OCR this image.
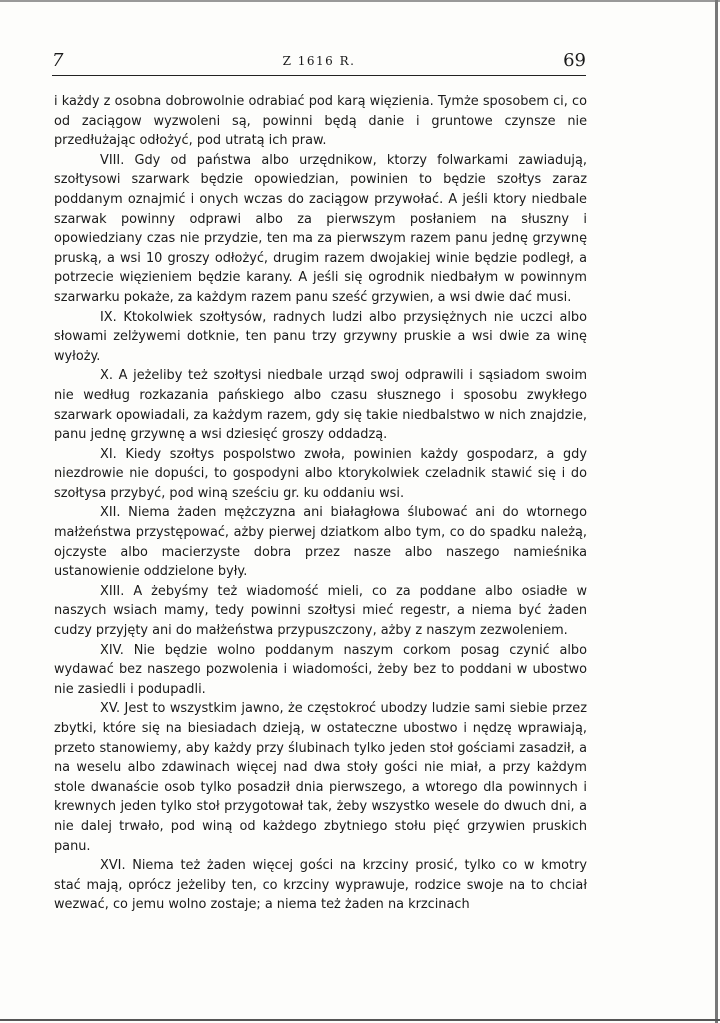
7	Z 1616 R.	69

i każdy z osobna dobrowolnie odrabiać pod karą więzienia. Tymże sposobem ci, co od zaciągow wyzwoleni są, powinni będą danie i gruntowe czynsze nie przedłużając odłożyć, pod utratą ich praw.

VIII. Gdy od państwa albo urzędnikow, ktorzy folwarkami zawiadują, szołtysowi szarwark będzie opowiedzian, powinien to będzie szołtys zaraz poddanym oznajmić i onych wczas do zaciągow przywołać. A jeśli ktory niedbale szarwak powinny odprawi albo za pierwszym posłaniem na słuszny i opowiedziany czas nie przydzie, ten ma za pierwszym razem panu jednę grzywnę pruską, a wsi 10 groszy odłożyć, drugim razem dwojakiej winie będzie podległ, a potrzecie więzieniem będzie karany. A jeśli się ogrodnik niedbałym w powinnym szarwarku pokaże, za każdym razem panu sześć grzywien, a wsi dwie dać musi.

IX. Ktokolwiek szołtysów, radnych ludzi albo przysiężnych nie uczci albo słowami zelżywemi dotknie, ten panu trzy grzywny pruskie a wsi dwie za winę wyłoży.

X. A jeżeliby też szołtysi niedbale urząd swoj odprawili i sąsiadom swoim nie według rozkazania pańskiego albo czasu słusznego i sposobu zwykłego szarwark opowiadali, za każdym razem, gdy się takie niedbalstwo w nich znajdzie, panu jednę grzywnę a wsi dziesięć groszy oddadzą.

XI. Kiedy szołtys pospolstwo zwoła, powinien każdy gospodarz, a gdy niezdrowie nie dopuści, to gospodyni albo ktorykolwiek czeladnik stawić się i do szołtysa przybyć, pod winą sześciu gr. ku oddaniu wsi.

XII. Niema żaden mężczyzna ani białagłowa ślubować ani do wtornego małżeństwa przystępować, ażby pierwej dziatkom albo tym, co do spadku należą, ojczyste albo macierzyste dobra przez nasze albo naszego namieśnika ustanowienie oddzielone były.

XIII. A żebyśmy też wiadomość mieli, co za poddane albo osiadłe w naszych wsiach mamy, tedy powinni szołtysi mieć regestr, a niema być żaden cudzy przyjęty ani do małżeństwa przypuszczony, ażby z naszym zezwoleniem.

XIV. Nie będzie wolno poddanym naszym corkom posag czynić albo wydawać bez naszego pozwolenia i wiadomości, żeby bez to poddani w ubostwo nie zasiedli i podupadli.

XV. Jest to wszystkim jawno, że częstokroć ubodzy ludzie sami siebie przez zbytki, które się na biesiadach dzieją, w ostateczne ubostwo i nędzę wprawiają, przeto stanowiemy, aby każdy przy ślubinach tylko jeden stoł gościami zasadził, a na weselu albo zdawinach więcej nad dwa stoły gości nie miał, a przy każdym stole dwanaście osob tylko posadził dnia pierwszego, a wtorego dla powinnych i krewnych jeden tylko stoł przygotował tak, żeby wszystko wesele do dwuch dni, a nie dalej trwało, pod winą od każdego zbytniego stołu pięć grzywien pruskich panu.

XVI. Niema też żaden więcej gości na krzciny prosić, tylko co w kmotry stać mają, oprócz jeżeliby ten, co krzciny wyprawuje, rodzice swoje na to chciał wezwać, co jemu wolno zostaje; a niema też żaden na krzcinach
